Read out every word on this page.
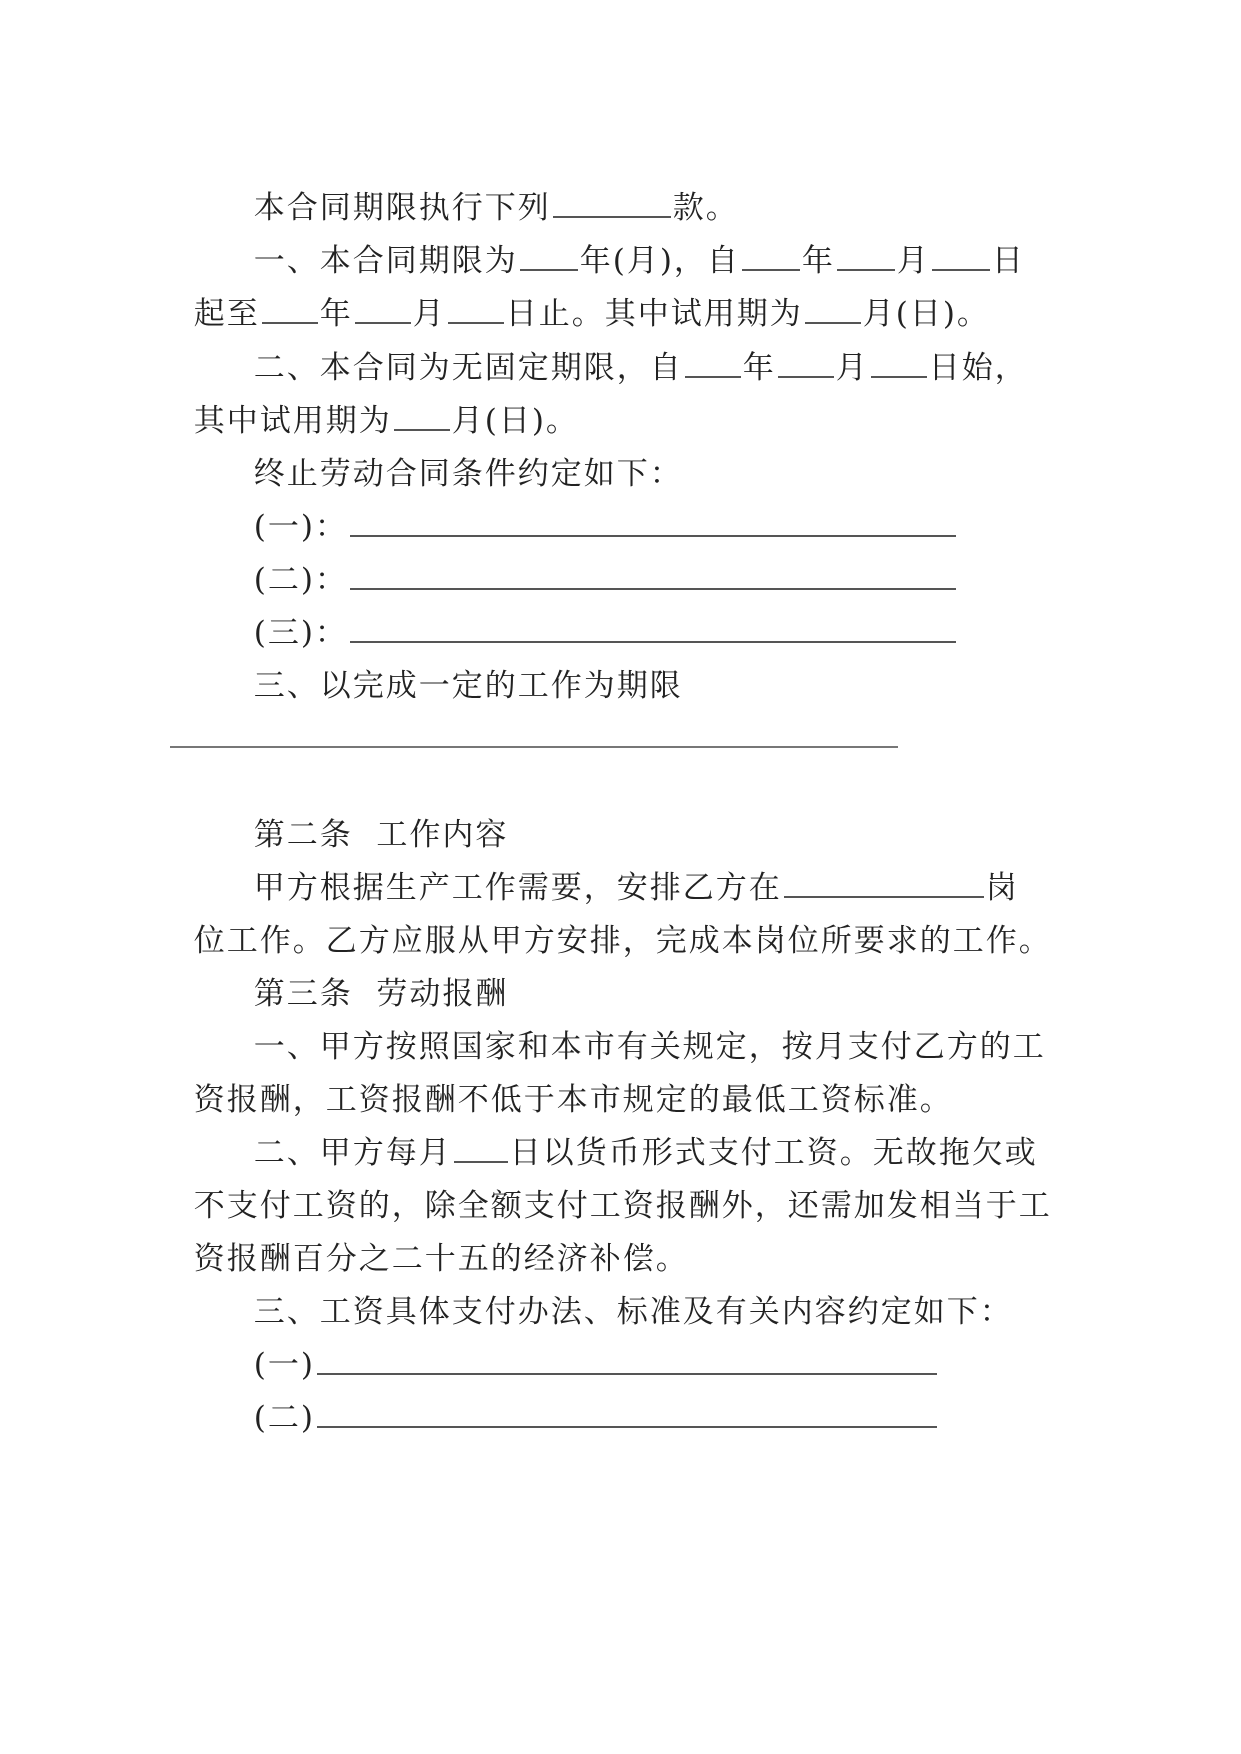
本合同期限执行下列	款。

一、本合同期限为 年(月)，自 年 月 日

起至 年 月 日止。其中试用期为 月(日)。

二、本合同为无固定期限，自 年 月 日始，

其中试用期为 月(日)。

终止劳动合同条件约定如下：

(一)：

(二)：

(三)：

三、以完成一定的工作为期限

第二条  工作内容

甲方根据生产工作需要，安排乙方在	岗

位工作。乙方应服从甲方安排，完成本岗位所要求的工作。

第三条  劳动报酬

一、甲方按照国家和本市有关规定，按月支付乙方的工

资报酬，工资报酬不低于本市规定的最低工资标准。

二、甲方每月 日以货币形式支付工资。无故拖欠或

不支付工资的，除全额支付工资报酬外，还需加发相当于工

资报酬百分之二十五的经济补偿。

三、工资具体支付办法、标准及有关内容约定如下：

(一)

(二)
